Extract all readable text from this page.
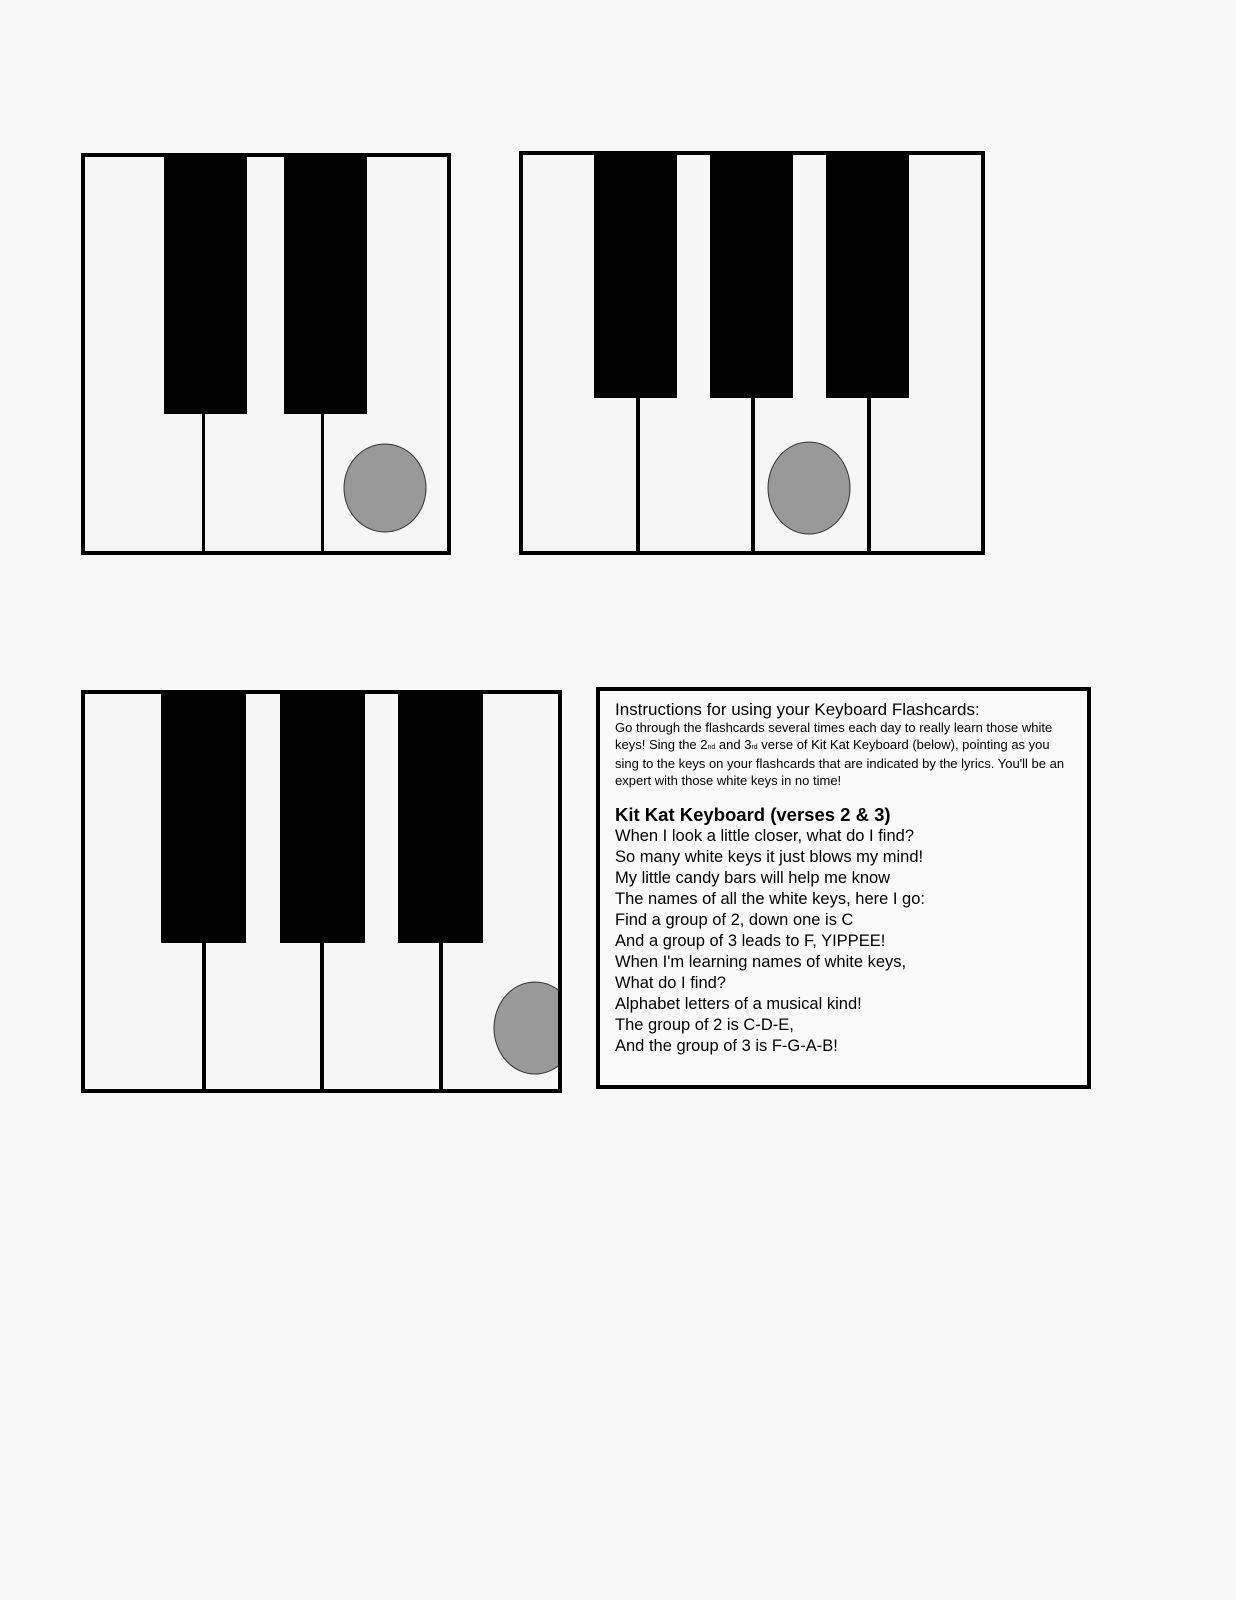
Instructions for using your Keyboard Flashcards:

Go through the flashcards several times each day to really learn those white keys! Sing the 2nd and 3rd verse of Kit Kat Keyboard (below), pointing as you sing to the keys on your flashcards that are indicated by the lyrics. You'll be an expert with those white keys in no time!

Kit Kat Keyboard (verses 2 & 3)

When I look a little closer, what do I find?

So many white keys it just blows my mind!

My little candy bars will help me know

The names of all the white keys, here I go:

Find a group of 2, down one is C

And a group of 3 leads to F, YIPPEE!

When I'm learning names of white keys,

What do I find?

Alphabet letters of a musical kind!

The group of 2 is C-D-E,

And the group of 3 is F-G-A-B!
